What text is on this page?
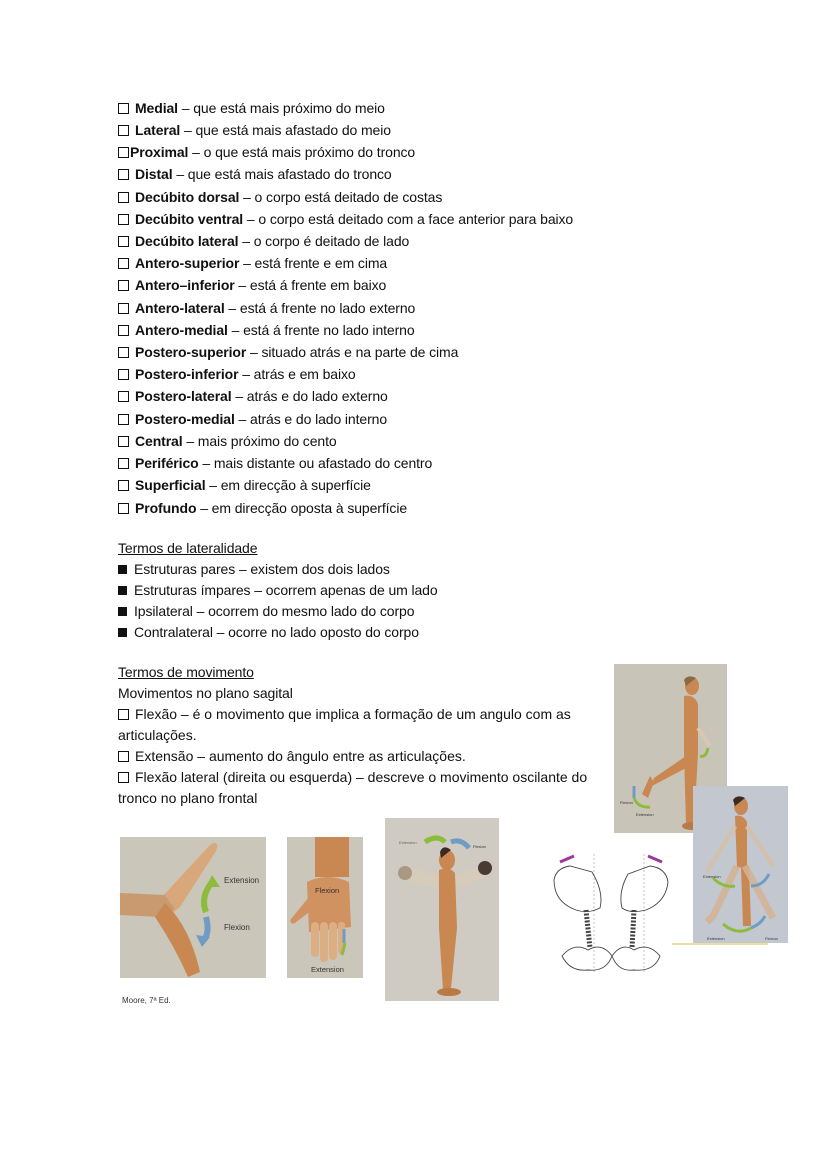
Medial – que está mais próximo do meio
Lateral – que está mais afastado do meio
Proximal – o que está mais próximo do tronco
Distal – que está mais afastado do tronco
Decúbito dorsal – o corpo está deitado de costas
Decúbito ventral – o corpo está deitado com a face anterior para baixo
Decúbito lateral – o corpo é deitado de lado
Antero-superior – está frente e em cima
Antero–inferior – está á frente em baixo
Antero-lateral – está á frente no lado externo
Antero-medial – está á frente no lado interno
Postero-superior – situado atrás e na parte de cima
Postero-inferior – atrás e em baixo
Postero-lateral – atrás e do lado externo
Postero-medial – atrás e do lado interno
Central – mais próximo do cento
Periférico – mais distante ou afastado do centro
Superficial – em direcção à superfície
Profundo – em direcção oposta à superfície
Termos de lateralidade
Estruturas pares – existem dos dois lados
Estruturas ímpares – ocorrem apenas de um lado
Ipsilateral – ocorrem do mesmo lado do corpo
Contralateral – ocorre no lado oposto do corpo
Termos de movimento
Movimentos no plano sagital
Flexão – é o movimento que implica a formação de um angulo com as articulações.
Extensão – aumento do ângulo entre as articulações.
Flexão lateral (direita ou esquerda) – descreve o movimento oscilante do tronco no plano frontal
Extension
Flexion
Flexion
Extension
Moore, 7ª Ed.
Extension
Flexion
Flexion
Extension
Extension
Extension	Flexion
